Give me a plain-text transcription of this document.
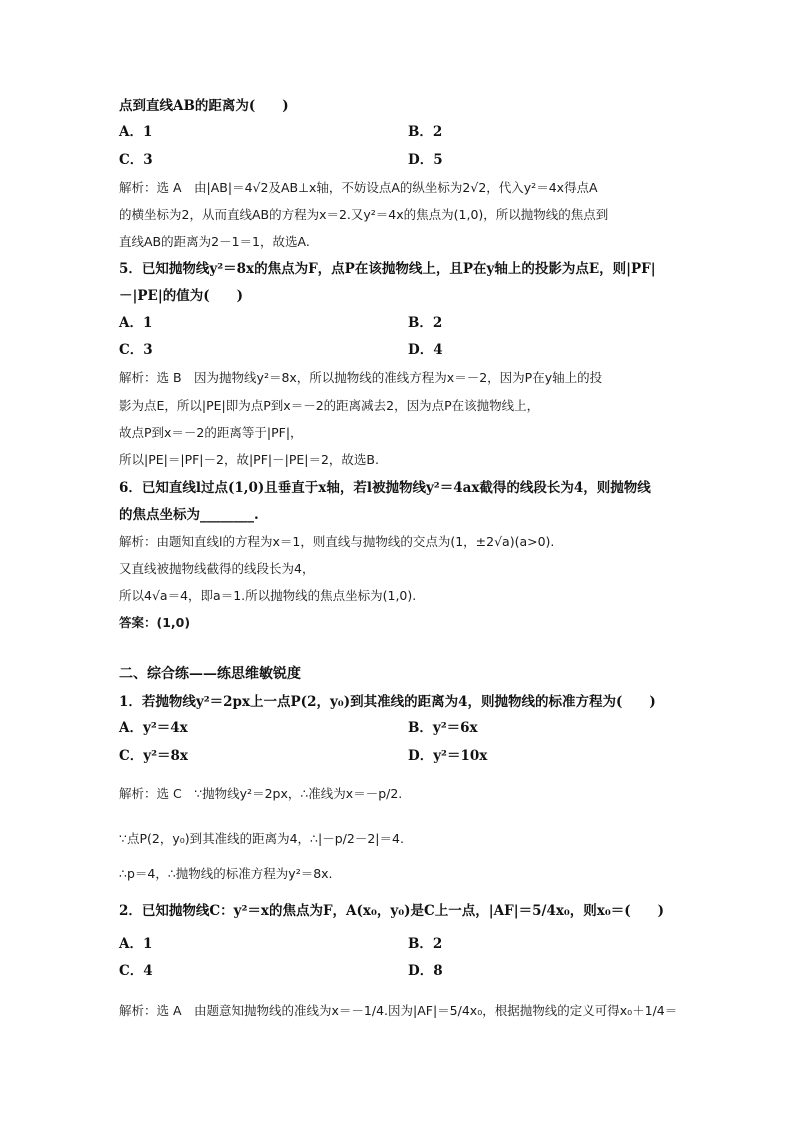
点到直线AB的距离为(　　)
A．1	B．2
C．3	D．5
解析：选 A　由|AB|＝4√2及AB⊥x轴，不妨设点A的纵坐标为2√2，代入y²＝4x得点A
的横坐标为2，从而直线AB的方程为x＝2.又y²＝4x的焦点为(1,0)，所以抛物线的焦点到
直线AB的距离为2－1＝1，故选A.
5．已知抛物线y²＝8x的焦点为F，点P在该抛物线上，且P在y轴上的投影为点E，则|PF|
－|PE|的值为(　　)
A．1	B．2
C．3	D．4
解析：选 B　因为抛物线y²＝8x，所以抛物线的准线方程为x＝－2，因为P在y轴上的投
影为点E，所以|PE|即为点P到x＝－2的距离减去2，因为点P在该抛物线上，
故点P到x＝－2的距离等于|PF|，
所以|PE|＝|PF|－2，故|PF|－|PE|＝2，故选B.
6．已知直线l过点(1,0)且垂直于x轴，若l被抛物线y²＝4ax截得的线段长为4，则抛物线
的焦点坐标为________.
解析：由题知直线l的方程为x＝1，则直线与抛物线的交点为(1，±2√a)(a>0).
又直线被抛物线截得的线段长为4，
所以4√a＝4，即a＝1.所以抛物线的焦点坐标为(1,0).
答案：(1,0)
二、综合练——练思维敏锐度
1．若抛物线y²＝2px上一点P(2，y₀)到其准线的距离为4，则抛物线的标准方程为(　　)
A．y²＝4x	B．y²＝6x
C．y²＝8x	D．y²＝10x
解析：选 C　∵抛物线y²＝2px，∴准线为x＝－p/2.
∵点P(2，y₀)到其准线的距离为4，∴|－p/2－2|＝4.
∴p＝4，∴抛物线的标准方程为y²＝8x.
2．已知抛物线C：y²＝x的焦点为F，A(x₀，y₀)是C上一点，|AF|＝5/4x₀，则x₀＝(　　)
A．1	B．2
C．4	D．8
解析：选 A　由题意知抛物线的准线为x＝－1/4.因为|AF|＝5/4x₀，根据抛物线的定义可得x₀＋1/4＝
